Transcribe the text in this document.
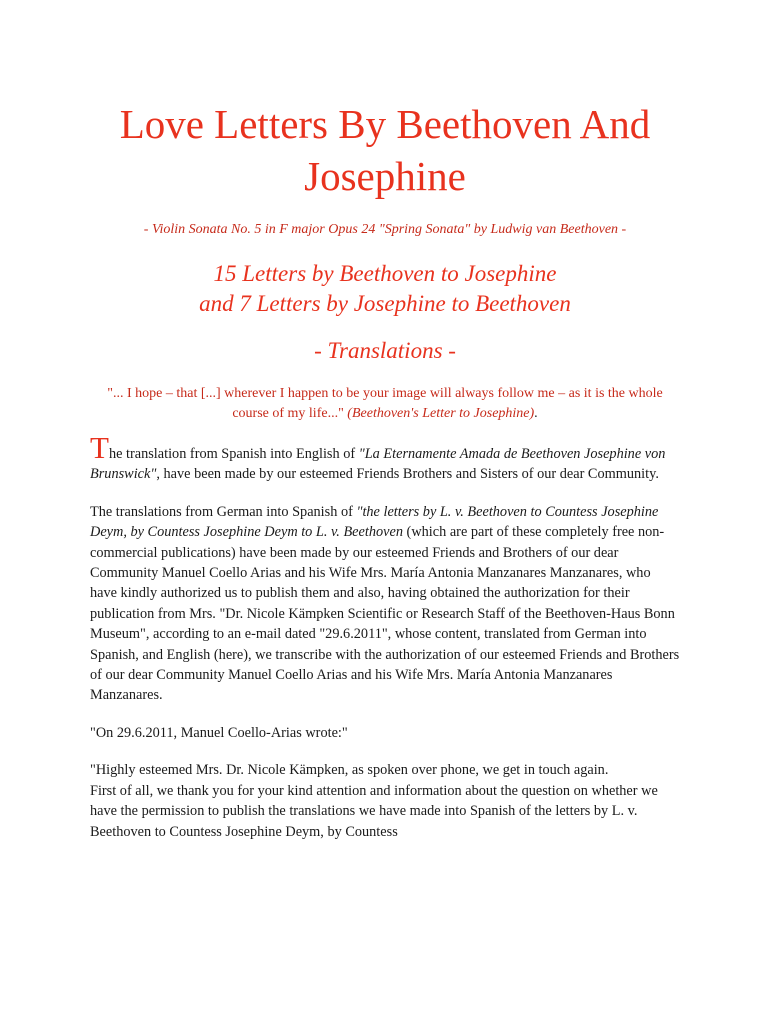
Love Letters By Beethoven And Josephine

- Violin Sonata No. 5 in F major Opus 24 "Spring Sonata" by Ludwig van Beethoven -

15 Letters by Beethoven to Josephine
and 7 Letters by Josephine to Beethoven
- Translations -

"... I hope – that [...] wherever I happen to be your image will always follow me – as it is the whole course of my life..." (Beethoven's Letter to Josephine).

The translation from Spanish into English of "La Eternamente Amada de Beethoven Josephine von Brunswick", have been made by our esteemed Friends Brothers and Sisters of our dear Community.

The translations from German into Spanish of "the letters by L. v. Beethoven to Countess Josephine Deym, by Countess Josephine Deym to L. v. Beethoven (which are part of these completely free non-commercial publications) have been made by our esteemed Friends and Brothers of our dear Community Manuel Coello Arias and his Wife Mrs. María Antonia Manzanares Manzanares, who have kindly authorized us to publish them and also, having obtained the authorization for their publication from Mrs. "Dr. Nicole Kämpken Scientific or Research Staff of the Beethoven-Haus Bonn Museum", according to an e-mail dated "29.6.2011", whose content, translated from German into Spanish, and English (here), we transcribe with the authorization of our esteemed Friends and Brothers of our dear Community Manuel Coello Arias and his Wife Mrs. María Antonia Manzanares Manzanares.

"On 29.6.2011, Manuel Coello-Arias wrote:"

"Highly esteemed Mrs. Dr. Nicole Kämpken, as spoken over phone, we get in touch again.
First of all, we thank you for your kind attention and information about the question on whether we have the permission to publish the translations we have made into Spanish of the letters by L. v. Beethoven to Countess Josephine Deym, by Countess
